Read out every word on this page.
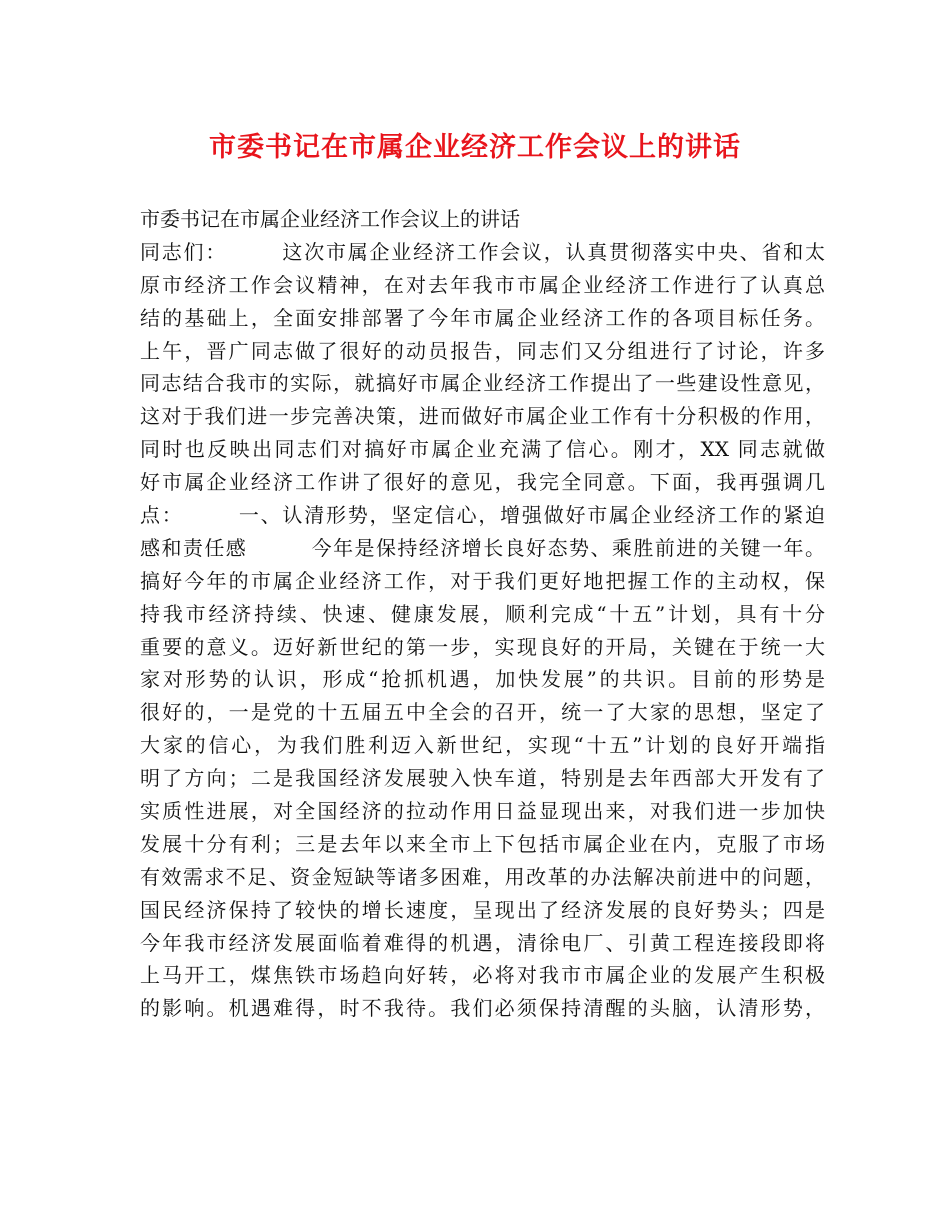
市委书记在市属企业经济工作会议上的讲话
市委书记在市属企业经济工作会议上的讲话
同志们：　　　这次市属企业经济工作会议，认真贯彻落实中央、省和太
原市经济工作会议精神，在对去年我市市属企业经济工作进行了认真总
结的基础上，全面安排部署了今年市属企业经济工作的各项目标任务。
上午，晋广同志做了很好的动员报告，同志们又分组进行了讨论，许多
同志结合我市的实际，就搞好市属企业经济工作提出了一些建设性意见，
这对于我们进一步完善决策，进而做好市属企业工作有十分积极的作用，
同时也反映出同志们对搞好市属企业充满了信心。刚才，XX 同志就做
好市属企业经济工作讲了很好的意见，我完全同意。下面，我再强调几
点：　　　一、认清形势，坚定信心，增强做好市属企业经济工作的紧迫
感和责任感　　　今年是保持经济增长良好态势、乘胜前进的关键一年。
搞好今年的市属企业经济工作，对于我们更好地把握工作的主动权，保
持我市经济持续、快速、健康发展，顺利完成“十五”计划，具有十分
重要的意义。迈好新世纪的第一步，实现良好的开局，关键在于统一大
家对形势的认识，形成“抢抓机遇，加快发展”的共识。目前的形势是
很好的，一是党的十五届五中全会的召开，统一了大家的思想，坚定了
大家的信心，为我们胜利迈入新世纪，实现“十五”计划的良好开端指
明了方向；二是我国经济发展驶入快车道，特别是去年西部大开发有了
实质性进展，对全国经济的拉动作用日益显现出来，对我们进一步加快
发展十分有利；三是去年以来全市上下包括市属企业在内，克服了市场
有效需求不足、资金短缺等诸多困难，用改革的办法解决前进中的问题，
国民经济保持了较快的增长速度，呈现出了经济发展的良好势头；四是
今年我市经济发展面临着难得的机遇，清徐电厂、引黄工程连接段即将
上马开工，煤焦铁市场趋向好转，必将对我市市属企业的发展产生积极
的影响。机遇难得，时不我待。我们必须保持清醒的头脑，认清形势，
